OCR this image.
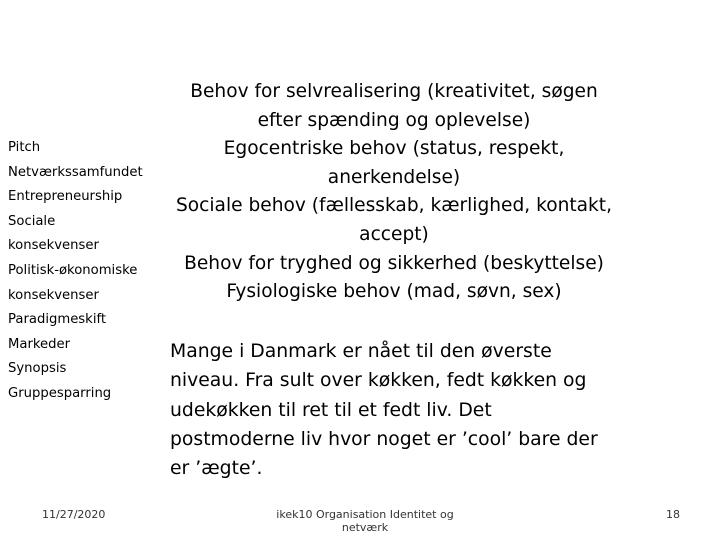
Pitch
Netværkssamfundet
Entrepreneurship
Sociale
konsekvenser
Politisk-økonomiske
konsekvenser
Paradigmeskift
Markeder
Synopsis
Gruppesparring
Behov for selvrealisering (kreativitet, søgen
efter spænding og oplevelse)
Egocentriske behov (status, respekt,
anerkendelse)
Sociale behov (fællesskab, kærlighed, kontakt,
accept)
Behov for tryghed og sikkerhed (beskyttelse)
Fysiologiske behov (mad, søvn, sex)
Mange i Danmark er nået til den øverste
niveau. Fra sult over køkken, fedt køkken og
udekøkken til ret til et fedt liv. Det
postmoderne liv hvor noget er ’cool’ bare der
er ’ægte’.
11/27/2020	ikek10 Organisation Identitet og netværk
18
